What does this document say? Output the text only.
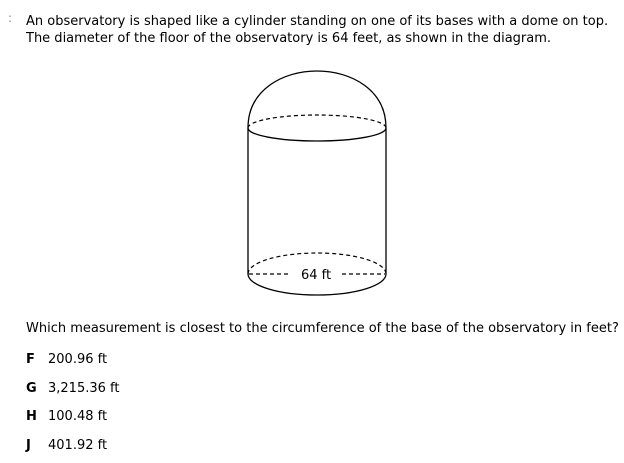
: An observatory is shaped like a cylinder standing on one of its bases with a dome on top. The diameter of the floor of the observatory is 64 feet, as shown in the diagram.
64 ft
Which measurement is closest to the circumference of the base of the observatory in feet?
F 200.96 ft
G 3,215.36 ft
H 100.48 ft
J 401.92 ft
